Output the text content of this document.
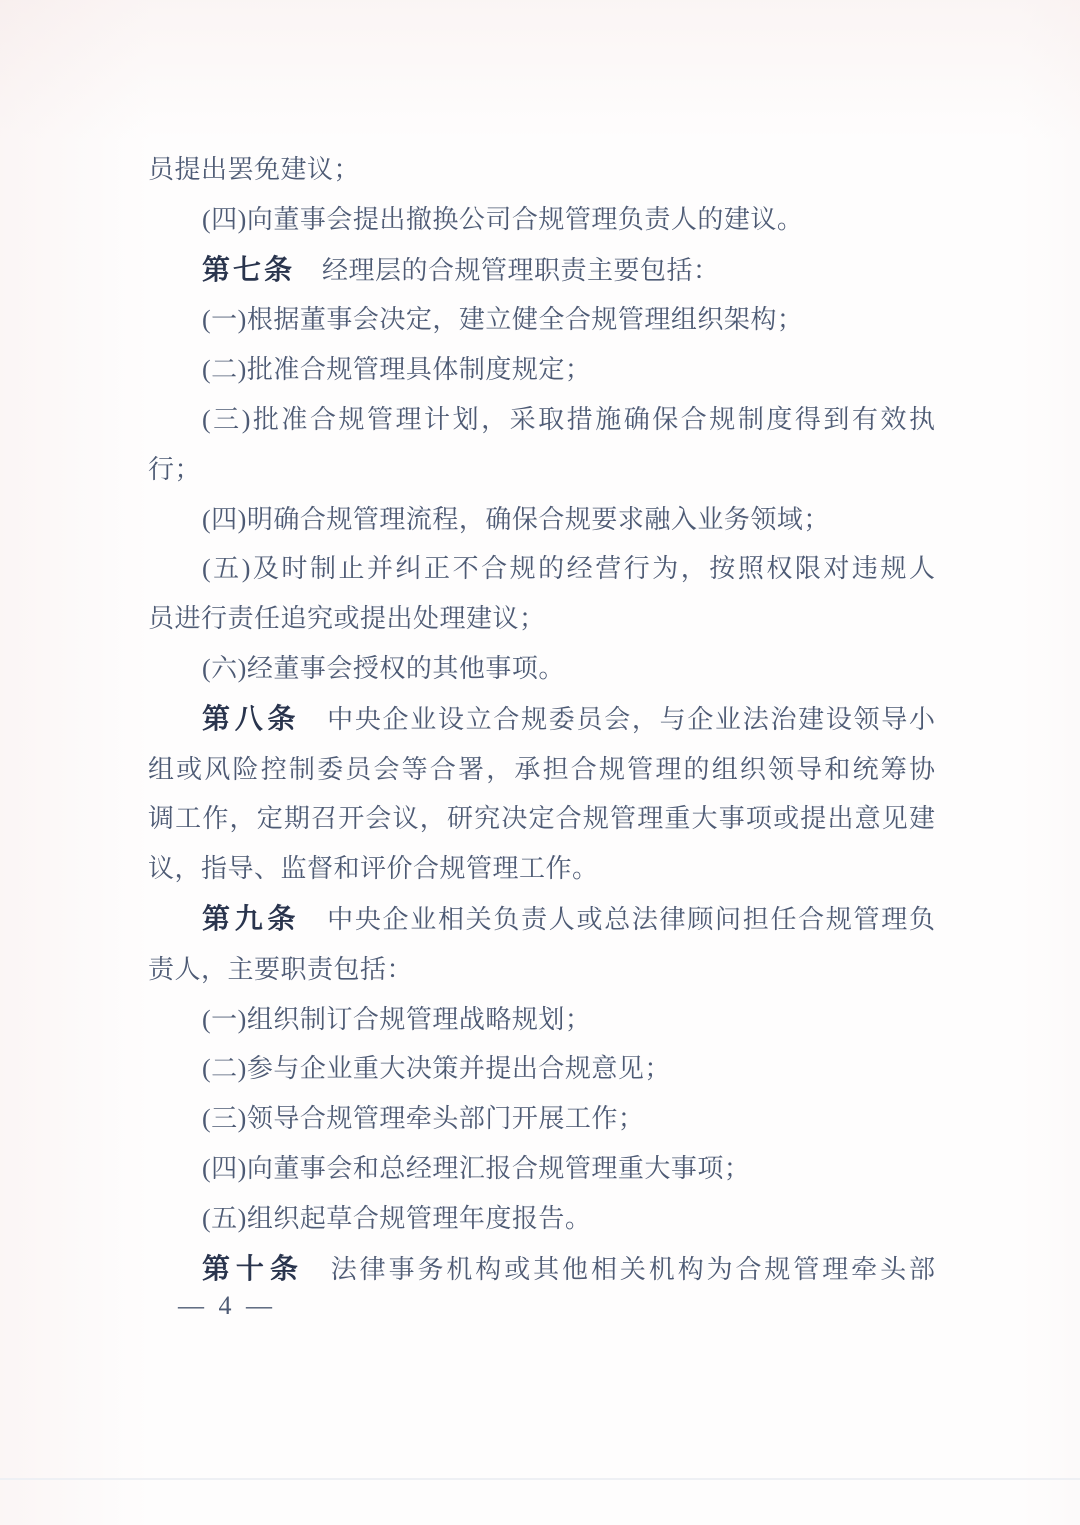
员提出罢免建议；
(四)向董事会提出撤换公司合规管理负责人的建议。
第七条 经理层的合规管理职责主要包括：
(一)根据董事会决定，建立健全合规管理组织架构；
(二)批准合规管理具体制度规定；
(三)批准合规管理计划，采取措施确保合规制度得到有效执
行；
(四)明确合规管理流程，确保合规要求融入业务领域；
(五)及时制止并纠正不合规的经营行为，按照权限对违规人
员进行责任追究或提出处理建议；
(六)经董事会授权的其他事项。
第八条 中央企业设立合规委员会，与企业法治建设领导小
组或风险控制委员会等合署，承担合规管理的组织领导和统筹协
调工作，定期召开会议，研究决定合规管理重大事项或提出意见建
议，指导、监督和评价合规管理工作。
第九条 中央企业相关负责人或总法律顾问担任合规管理负
责人，主要职责包括：
(一)组织制订合规管理战略规划；
(二)参与企业重大决策并提出合规意见；
(三)领导合规管理牵头部门开展工作；
(四)向董事会和总经理汇报合规管理重大事项；
(五)组织起草合规管理年度报告。
第十条 法律事务机构或其他相关机构为合规管理牵头部
— 4 —
